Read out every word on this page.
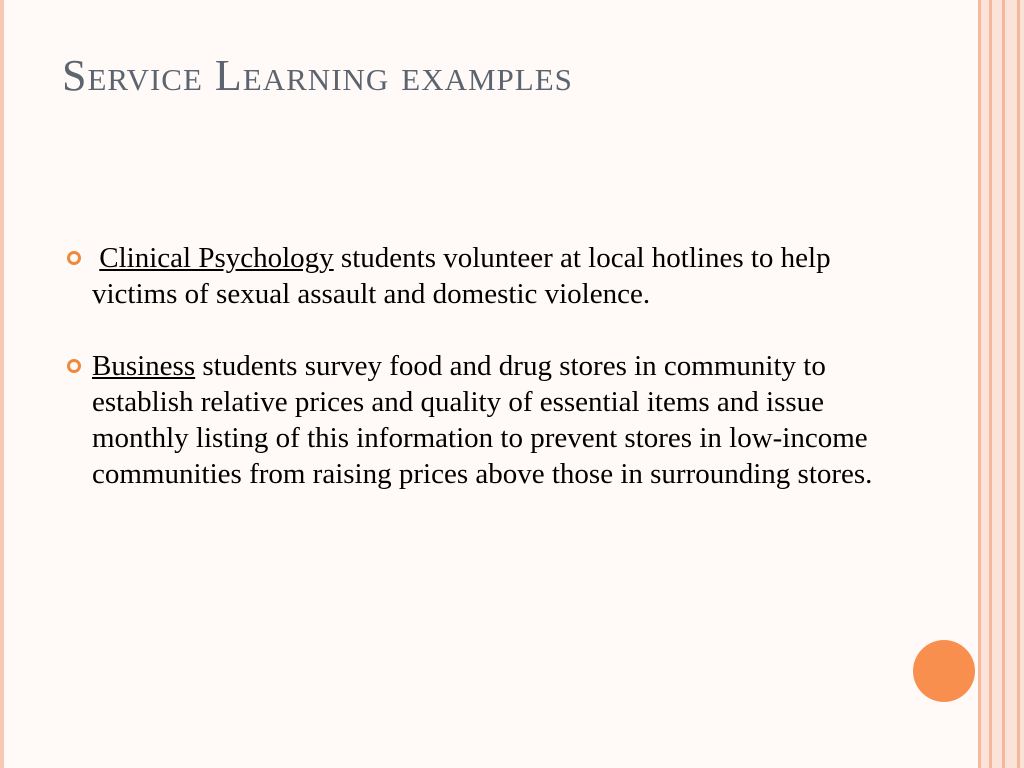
Service Learning examples
Clinical Psychology students volunteer at local hotlines to help victims of sexual assault and domestic violence.
Business students survey food and drug stores in community to establish relative prices and quality of essential items and issue monthly listing of this information to prevent stores in low-income communities from raising prices above those in surrounding stores.
